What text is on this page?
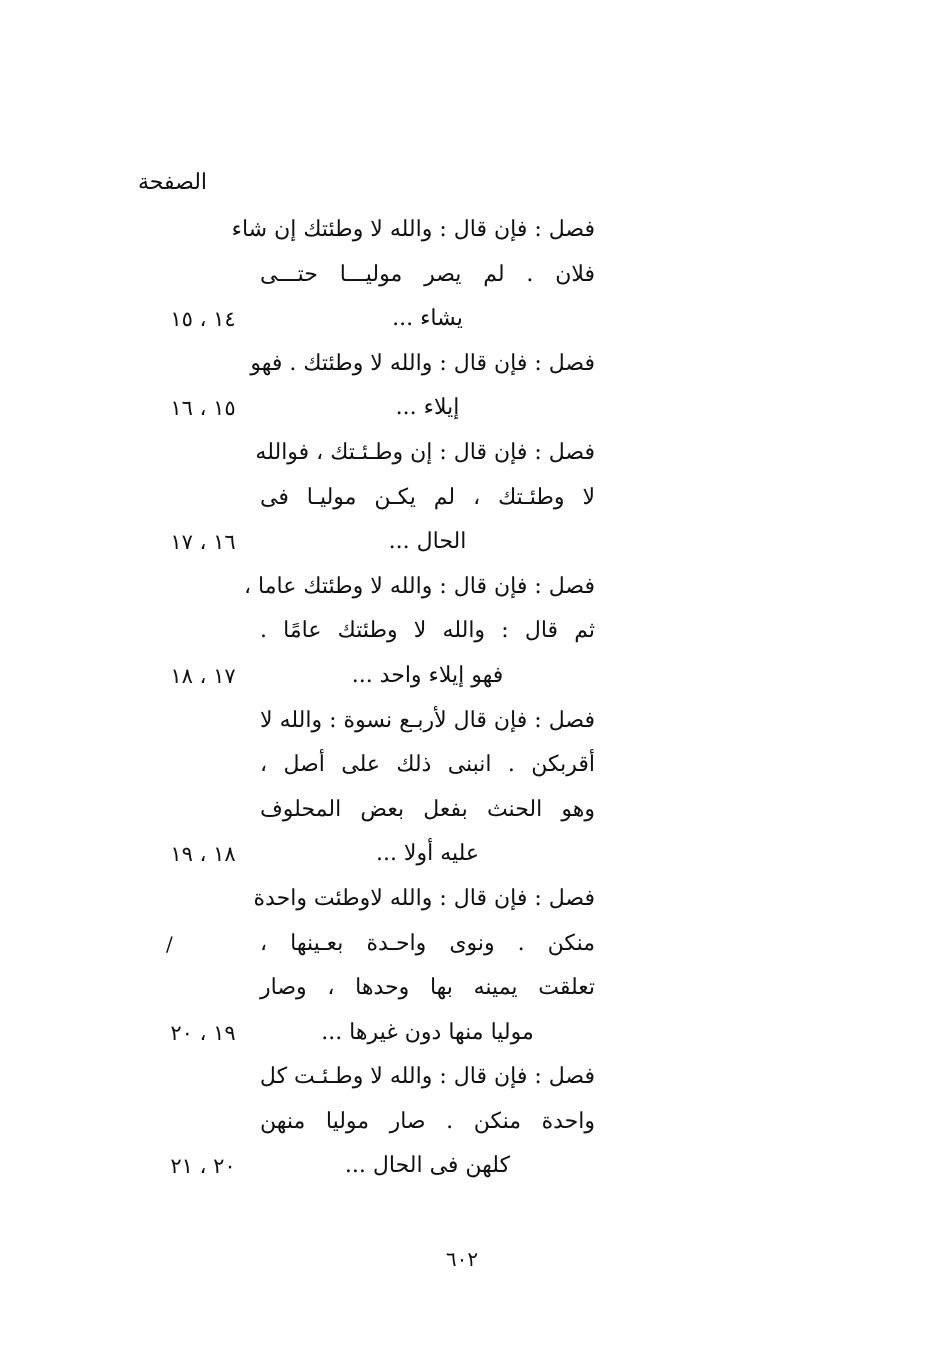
الصفحة
فصل : فإن قال : والله لا وطئتك إن شاء
فلان . لم يصر موليـــا حتـــى
يشاء ...
١٤ ، ١٥
فصل : فإن قال : والله لا وطئتك . فهو
إيلاء ...
١٥ ، ١٦
فصل : فإن قال : إن وطـئـتك ، فوالله
لا وطئـتك ، لم يكـن موليـا فى
الحال ...
١٦ ، ١٧
فصل : فإن قال : والله لا وطئتك عاما ،
ثم قال : والله لا وطئتك عامًا .
فهو إيلاء واحد ...
١٧ ، ١٨
فصل : فإن قال لأربـع نسوة : والله لا
أقربكن . انبنى ذلك على أصل ،
وهو الحنث بفعل بعض المحلوف
عليه أولا ...
١٨ ، ١٩
فصل : فإن قال : والله لاوطئت واحدة
منكن . ونوى واحـدة بعـينها ،
/
تعلقت يمينه بها وحدها ، وصار
موليا منها دون غيرها ...
١٩ ، ٢٠
فصل : فإن قال : والله لا وطـئـت كل
واحدة منكن . صار موليا منهن
كلهن فى الحال ...
٢٠ ، ٢١
٦٠٢
